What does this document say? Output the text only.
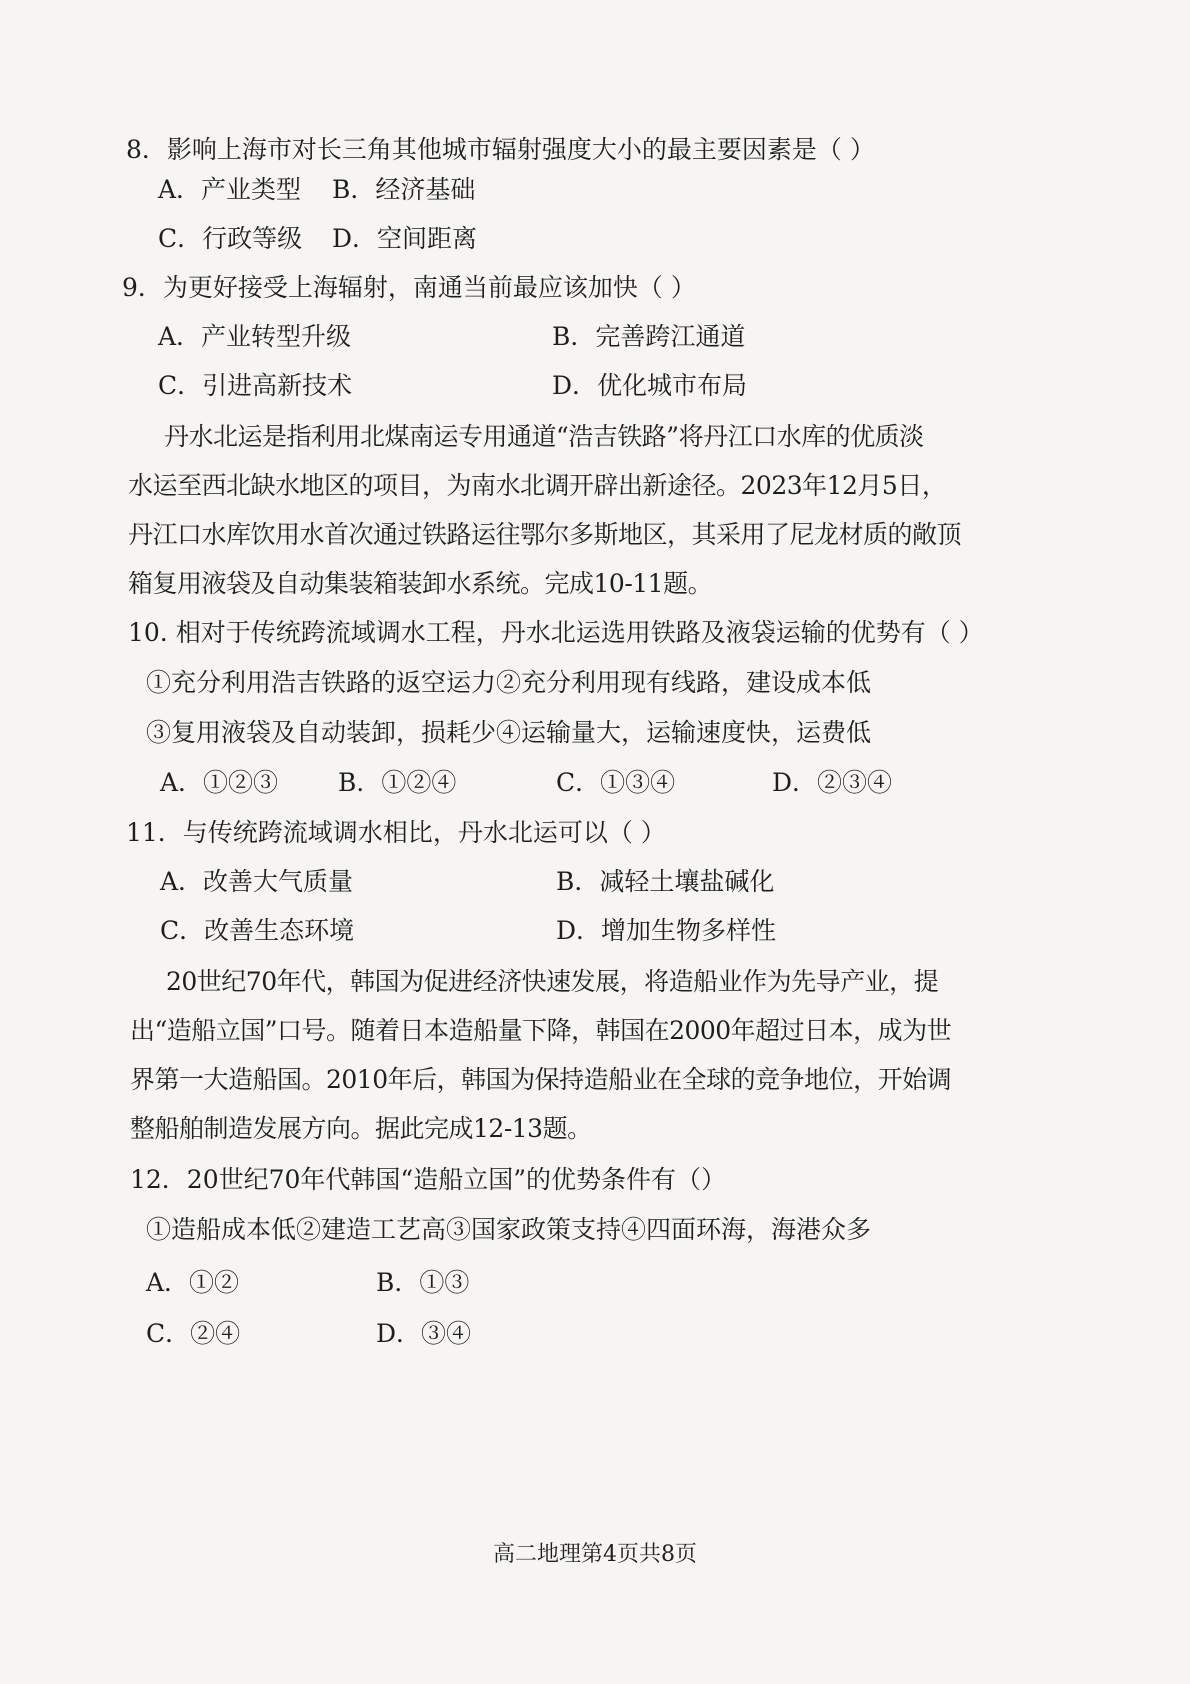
8．影响上海市对长三角其他城市辐射强度大小的最主要因素是（ ）
A．产业类型 B．经济基础
C．行政等级 D．空间距离
9．为更好接受上海辐射，南通当前最应该加快（ ）
A．产业转型升级	B．完善跨江通道
C．引进高新技术	D．优化城市布局
丹水北运是指利用北煤南运专用通道“浩吉铁路”将丹江口水库的优质淡
水运至西北缺水地区的项目，为南水北调开辟出新途径。2023年12月5日，
丹江口水库饮用水首次通过铁路运往鄂尔多斯地区，其采用了尼龙材质的敞顶
箱复用液袋及自动集装箱装卸水系统。完成10-11题。
10. 相对于传统跨流域调水工程，丹水北运选用铁路及液袋运输的优势有（ ）
①充分利用浩吉铁路的返空运力②充分利用现有线路，建设成本低
③复用液袋及自动装卸，损耗少④运输量大，运输速度快，运费低
A．①②③ B．①②④	C．①③④	D．②③④
11．与传统跨流域调水相比，丹水北运可以（ ）
A．改善大气质量	B．减轻土壤盐碱化
C．改善生态环境	D．增加生物多样性
20世纪70年代，韩国为促进经济快速发展，将造船业作为先导产业，提
出“造船立国”口号。随着日本造船量下降，韩国在2000年超过日本，成为世
界第一大造船国。2010年后，韩国为保持造船业在全球的竞争地位，开始调
整船舶制造发展方向。据此完成12-13题。
12．20世纪70年代韩国“造船立国”的优势条件有（）
①造船成本低②建造工艺高③国家政策支持④四面环海，海港众多
A．①②	B．①③
C．②④	D．③④
高二地理第4页共8页
